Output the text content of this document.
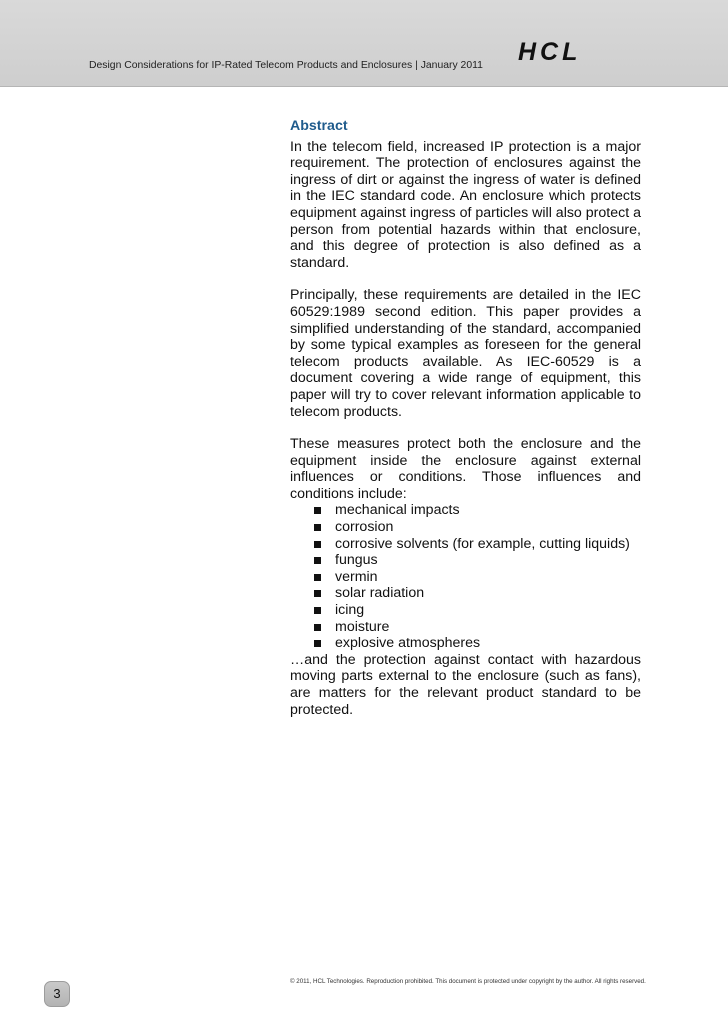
Design Considerations for IP-Rated Telecom Products and Enclosures | January 2011 HCL
Abstract

In the telecom field, increased IP protection is a major requirement. The protection of enclosures against the ingress of dirt or against the ingress of water is defined in the IEC standard code. An enclosure which protects equipment against ingress of particles will also protect a person from potential hazards within that enclosure, and this degree of protection is also defined as a standard.

Principally, these requirements are detailed in the IEC 60529:1989 second edition. This paper provides a simplified understanding of the standard, accompanied by some typical examples as foreseen for the general telecom products available. As IEC-60529 is a document covering a wide range of equipment, this paper will try to cover relevant information applicable to telecom products.

These measures protect both the enclosure and the equipment inside the enclosure against external influences or conditions. Those influences and conditions include:

mechanical impacts
corrosion
corrosive solvents (for example, cutting liquids)
fungus
vermin
solar radiation
icing
moisture
explosive atmospheres

…and the protection against contact with hazardous moving parts external to the enclosure (such as fans), are matters for the relevant product standard to be protected.

© 2011, HCL Technologies. Reproduction prohibited. This document is protected under copyright by the author. All rights reserved.
3
